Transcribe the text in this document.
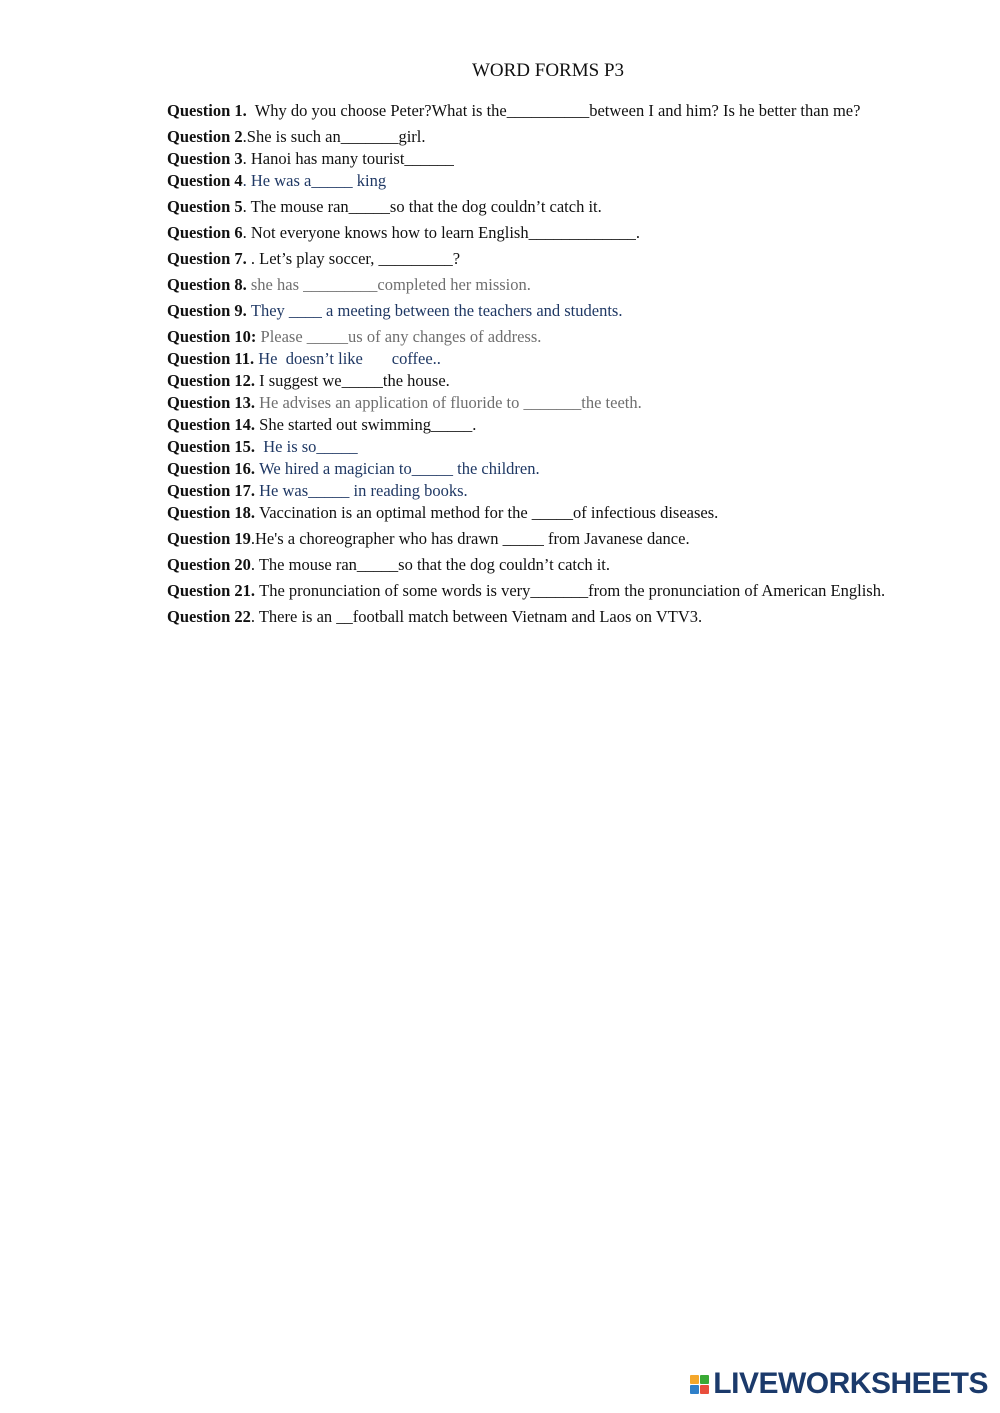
WORD FORMS P3
Question 1.  Why do you choose Peter?What is the__________between I and him? Is he better than me?
Question 2.She is such an_______girl.
Question 3. Hanoi has many tourist______
Question 4. He was a_____ king
Question 5. The mouse ran_____so that the dog couldn’t catch it.
Question 6. Not everyone knows how to learn English_____________.
Question 7. . Let’s play soccer, _________?
Question 8. she has _________completed her mission.
Question 9. They ____ a meeting between the teachers and students.
Question 10: Please _____us of any changes of address.
Question 11. He  doesn’t like       coffee..
Question 12. I suggest we_____the house.
Question 13. He advises an application of fluoride to _______the teeth.
Question 14. She started out swimming_____.
Question 15.  He is so_____
Question 16. We hired a magician to_____ the children.
Question 17. He was_____ in reading books.
Question 18. Vaccination is an optimal method for the _____of infectious diseases.
Question 19.He's a choreographer who has drawn _____ from Javanese dance.
Question 20. The mouse ran_____so that the dog couldn’t catch it.
Question 21. The pronunciation of some words is very_______from the pronunciation of American English.
Question 22. There is an __football match between Vietnam and Laos on VTV3.
LIVEWORKSHEETS
